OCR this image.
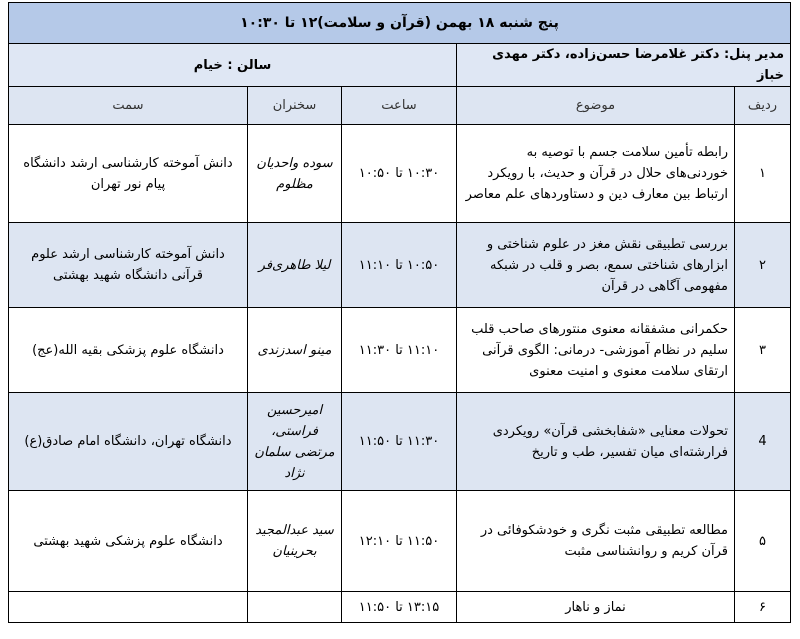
پنج شنبه ۱۸ بهمن (قرآن و سلامت)۱۲ تا ۱۰:۳۰				
مدیر پنل: دکتر غلامرضا حسن‌زاده، دکتر مهدی خباز		سالن : خیام		
ردیف	موضوع	ساعت	سخنران	سمت
۱	رابطه تأمین سلامت جسم با توصیه به خوردنی‌های حلال در قرآن و حدیث، با رویکرد ارتباط بین معارف دین و دستاوردهای علم معاصر	۱۰:۳۰ تا ۱۰:۵۰	سوده واحدیان مظلوم	دانش آموخته کارشناسی ارشد دانشگاه پیام نور تهران
۲	بررسی تطبیقی نقش مغز در علوم شناختی و ابزارهای شناختی سمع، بصر و قلب در شبکه مفهومی آگاهی در قرآن	۱۰:۵۰ تا ۱۱:۱۰	لیلا طاهری‌فر	دانش آموخته کارشناسی ارشد علوم قرآنی دانشگاه شهید بهشتی
۳	حکمرانی مشفقانه معنوی منتورهای صاحب قلب سلیم در نظام آموزشی- درمانی: الگوی قرآنی ارتقای سلامت معنوی و امنیت معنوی	۱۱:۱۰ تا ۱۱:۳۰	مینو اسدزندی	دانشگاه علوم پزشکی بقیه الله(عج)
4	تحولات معنایی «شفابخشی قرآن» رویکردی فرارشته‌ای میان تفسیر، طب و تاریخ	۱۱:۳۰ تا ۱۱:۵۰	امیرحسین فراستی، مرتضی سلمان نژاد	دانشگاه تهران، دانشگاه امام صادق(ع)
۵	مطالعه تطبیقی مثبت نگری و خودشکوفائی در قرآن کریم و روانشناسی مثبت	۱۱:۵۰ تا ۱۲:۱۰	سید عبدالمجید بحرینیان	دانشگاه علوم پزشکی شهید بهشتی
۶	نماز و ناهار	۱۳:۱۵ تا ۱۱:۵۰		
